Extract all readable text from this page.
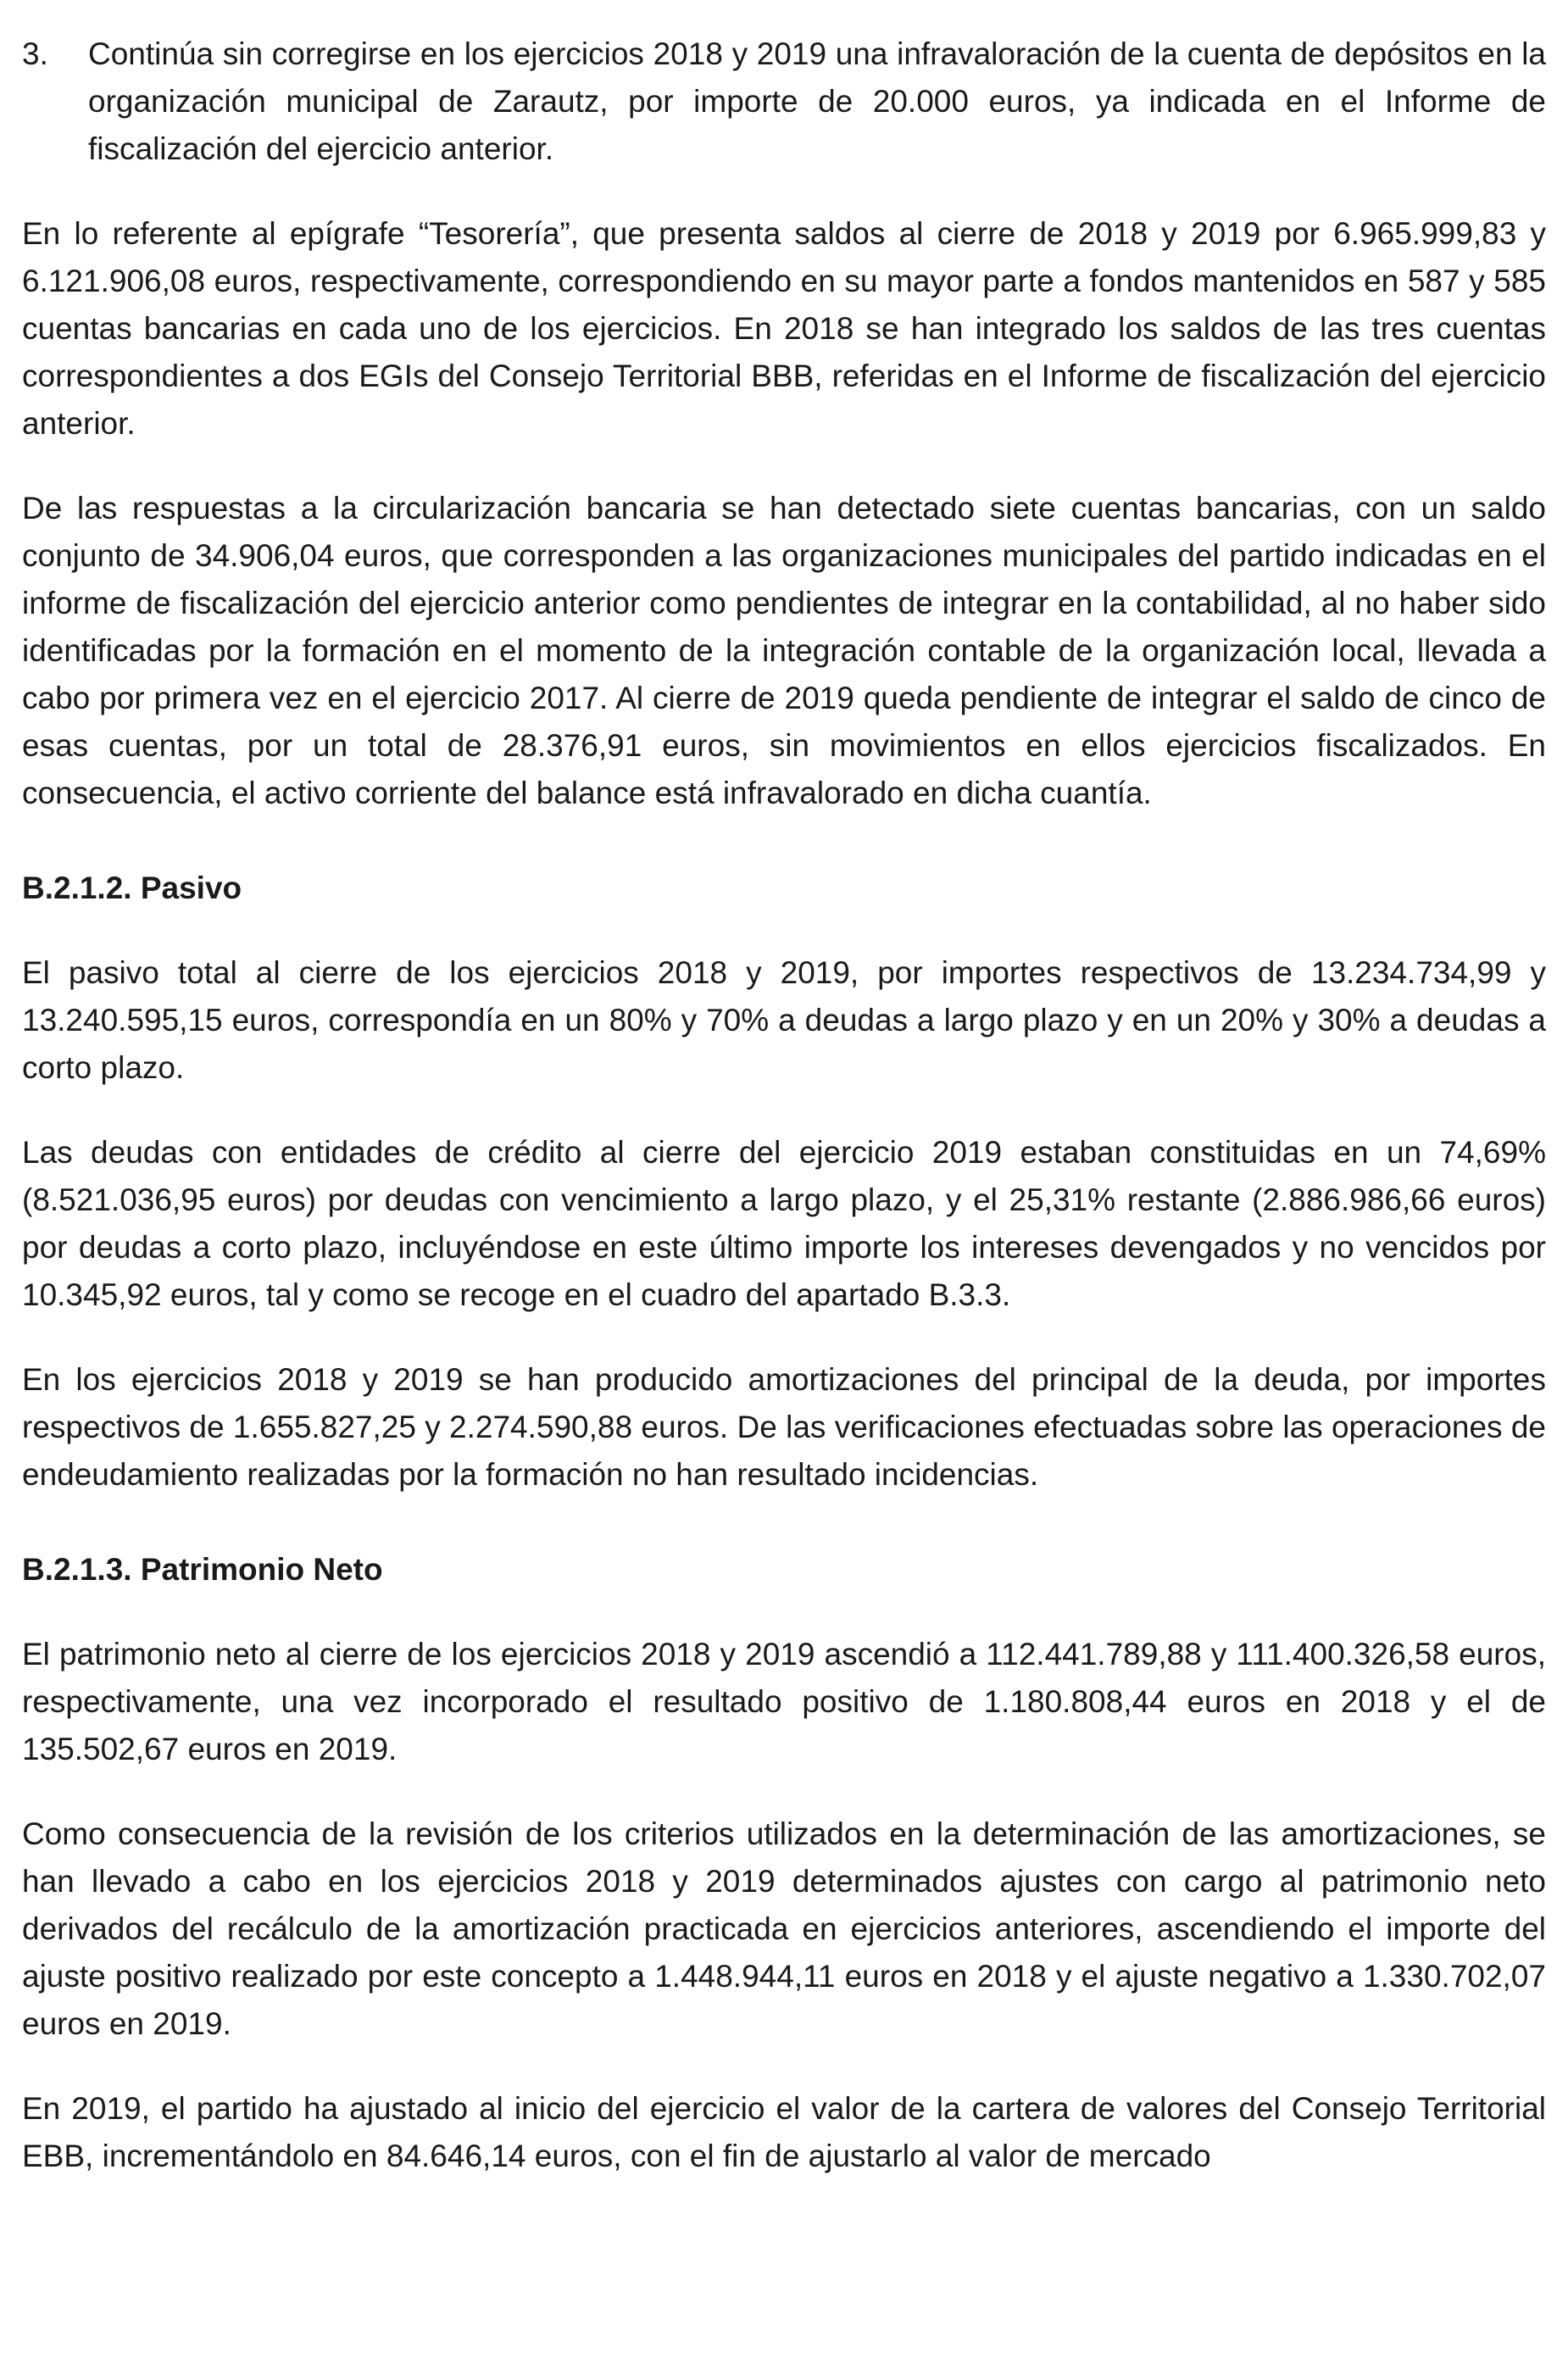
3. Continúa sin corregirse en los ejercicios 2018 y 2019 una infravaloración de la cuenta de depósitos en la organización municipal de Zarautz, por importe de 20.000 euros, ya indicada en el Informe de fiscalización del ejercicio anterior.

En lo referente al epígrafe “Tesorería”, que presenta saldos al cierre de 2018 y 2019 por 6.965.999,83 y 6.121.906,08 euros, respectivamente, correspondiendo en su mayor parte a fondos mantenidos en 587 y 585 cuentas bancarias en cada uno de los ejercicios. En 2018 se han integrado los saldos de las tres cuentas correspondientes a dos EGIs del Consejo Territorial BBB, referidas en el Informe de fiscalización del ejercicio anterior.

De las respuestas a la circularización bancaria se han detectado siete cuentas bancarias, con un saldo conjunto de 34.906,04 euros, que corresponden a las organizaciones municipales del partido indicadas en el informe de fiscalización del ejercicio anterior como pendientes de integrar en la contabilidad, al no haber sido identificadas por la formación en el momento de la integración contable de la organización local, llevada a cabo por primera vez en el ejercicio 2017. Al cierre de 2019 queda pendiente de integrar el saldo de cinco de esas cuentas, por un total de 28.376,91 euros, sin movimientos en ellos ejercicios fiscalizados. En consecuencia, el activo corriente del balance está infravalorado en dicha cuantía.

B.2.1.2. Pasivo

El pasivo total al cierre de los ejercicios 2018 y 2019, por importes respectivos de 13.234.734,99 y 13.240.595,15 euros, correspondía en un 80% y 70% a deudas a largo plazo y en un 20% y 30% a deudas a corto plazo.

Las deudas con entidades de crédito al cierre del ejercicio 2019 estaban constituidas en un 74,69% (8.521.036,95 euros) por deudas con vencimiento a largo plazo, y el 25,31% restante (2.886.986,66 euros) por deudas a corto plazo, incluyéndose en este último importe los intereses devengados y no vencidos por 10.345,92 euros, tal y como se recoge en el cuadro del apartado B.3.3.

En los ejercicios 2018 y 2019 se han producido amortizaciones del principal de la deuda, por importes respectivos de 1.655.827,25 y 2.274.590,88 euros. De las verificaciones efectuadas sobre las operaciones de endeudamiento realizadas por la formación no han resultado incidencias.

B.2.1.3. Patrimonio Neto

El patrimonio neto al cierre de los ejercicios 2018 y 2019 ascendió a 112.441.789,88 y 111.400.326,58 euros, respectivamente, una vez incorporado el resultado positivo de 1.180.808,44 euros en 2018 y el de 135.502,67 euros en 2019.

Como consecuencia de la revisión de los criterios utilizados en la determinación de las amortizaciones, se han llevado a cabo en los ejercicios 2018 y 2019 determinados ajustes con cargo al patrimonio neto derivados del recálculo de la amortización practicada en ejercicios anteriores, ascendiendo el importe del ajuste positivo realizado por este concepto a 1.448.944,11 euros en 2018 y el ajuste negativo a 1.330.702,07 euros en 2019.

En 2019, el partido ha ajustado al inicio del ejercicio el valor de la cartera de valores del Consejo Territorial EBB, incrementándolo en 84.646,14 euros, con el fin de ajustarlo al valor de mercado
